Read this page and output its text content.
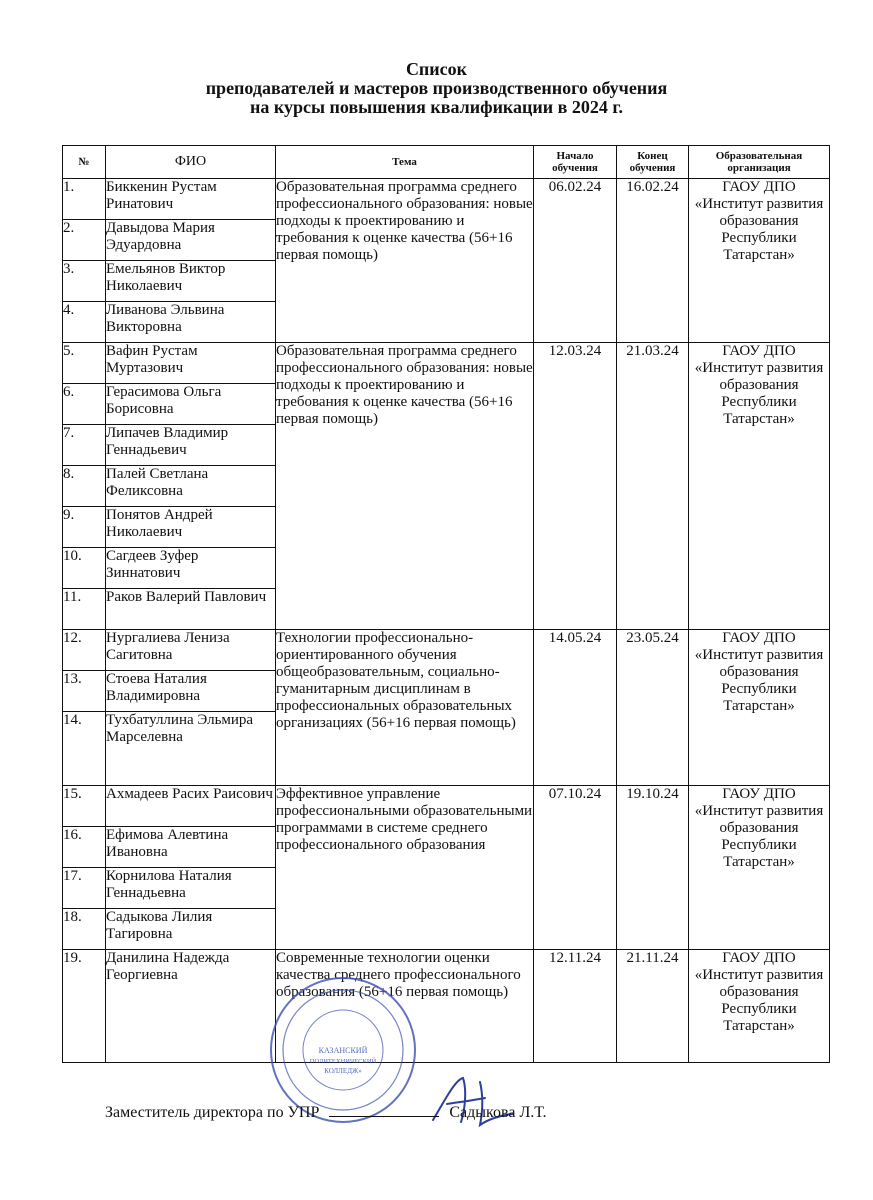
Список
преподавателей и мастеров производственного обучения
на курсы повышения квалификации в 2024 г.
№	ФИО	Тема	Начало обучения	Конец обучения	Образовательная организация
1.	Биккенин Рустам Ринатович	Образовательная программа среднего профессионального образования: новые подходы к проектированию и требования к оценке качества (56+16 первая помощь)	06.02.24	16.02.24	ГАОУ ДПО «Институт развития образования Республики Татарстан»
2.	Давыдова Мария Эдуардовна				
3.	Емельянов Виктор Николаевич				
4.	Ливанова Эльвина Викторовна				
5.	Вафин Рустам Муртазович	Образовательная программа среднего профессионального образования: новые подходы к проектированию и требования к оценке качества (56+16 первая помощь)	12.03.24	21.03.24	ГАОУ ДПО «Институт развития образования Республики Татарстан»
6.	Герасимова Ольга Борисовна				
7.	Липачев Владимир Геннадьевич				
8.	Палей Светлана Феликсовна				
9.	Понятов Андрей Николаевич				
10.	Сагдеев Зуфер Зиннатович				
11.	Раков Валерий Павлович				
12.	Нургалиева Лениза Сагитовна	Технологии профессионально-ориентированного обучения общеобразовательным, социально-гуманитарным дисциплинам в профессиональных образовательных организациях (56+16 первая помощь)	14.05.24	23.05.24	ГАОУ ДПО «Институт развития образования Республики Татарстан»
13.	Стоева Наталия Владимировна				
14.	Тухбатуллина Эльмира Марселевна				
15.	Ахмадеев Расих Раисович	Эффективное управление профессиональными образовательными программами в системе среднего профессионального образования	07.10.24	19.10.24	ГАОУ ДПО «Институт развития образования Республики Татарстан»
16.	Ефимова Алевтина Ивановна				
17.	Корнилова Наталия Геннадьевна				
18.	Садыкова Лилия Тагировна				
19.	Данилина Надежда Георгиевна	Современные технологии оценки качества среднего профессионального образования (56+16 первая помощь)	12.11.24	21.11.24	ГАОУ ДПО «Институт развития образования Республики Татарстан»
КАЗАНСКИЙ
ПОЛИТЕХНИЧЕСКИЙ
КОЛЛЕДЖ»
Заместитель директора по УПР	Садыкова Л.Т.
